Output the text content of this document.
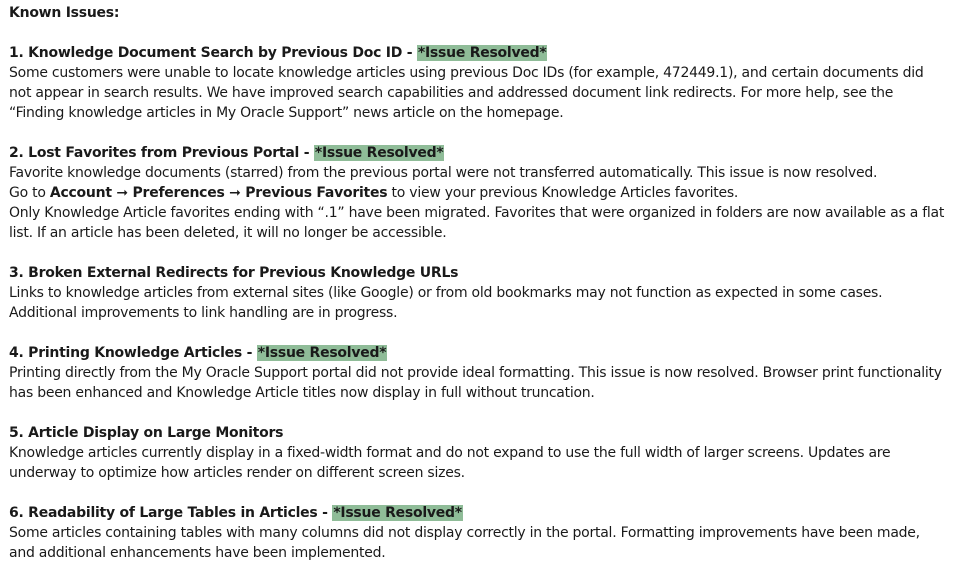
Known Issues:
1. Knowledge Document Search by Previous Doc ID - *Issue Resolved*
Some customers were unable to locate knowledge articles using previous Doc IDs (for example, 472449.1), and certain documents did not appear in search results. We have improved search capabilities and addressed document link redirects. For more help, see the “Finding knowledge articles in My Oracle Support” news article on the homepage.
2. Lost Favorites from Previous Portal - *Issue Resolved*
Favorite knowledge documents (starred) from the previous portal were not transferred automatically. This issue is now resolved.
Go to Account ➞ Preferences ➞ Previous Favorites to view your previous Knowledge Articles favorites.
Only Knowledge Article favorites ending with “.1” have been migrated. Favorites that were organized in folders are now available as a flat list. If an article has been deleted, it will no longer be accessible.
3. Broken External Redirects for Previous Knowledge URLs
Links to knowledge articles from external sites (like Google) or from old bookmarks may not function as expected in some cases. Additional improvements to link handling are in progress.
4. Printing Knowledge Articles - *Issue Resolved*
Printing directly from the My Oracle Support portal did not provide ideal formatting. This issue is now resolved. Browser print functionality has been enhanced and Knowledge Article titles now display in full without truncation.
5. Article Display on Large Monitors
Knowledge articles currently display in a fixed-width format and do not expand to use the full width of larger screens. Updates are underway to optimize how articles render on different screen sizes.
6. Readability of Large Tables in Articles - *Issue Resolved*
Some articles containing tables with many columns did not display correctly in the portal. Formatting improvements have been made, and additional enhancements have been implemented.
